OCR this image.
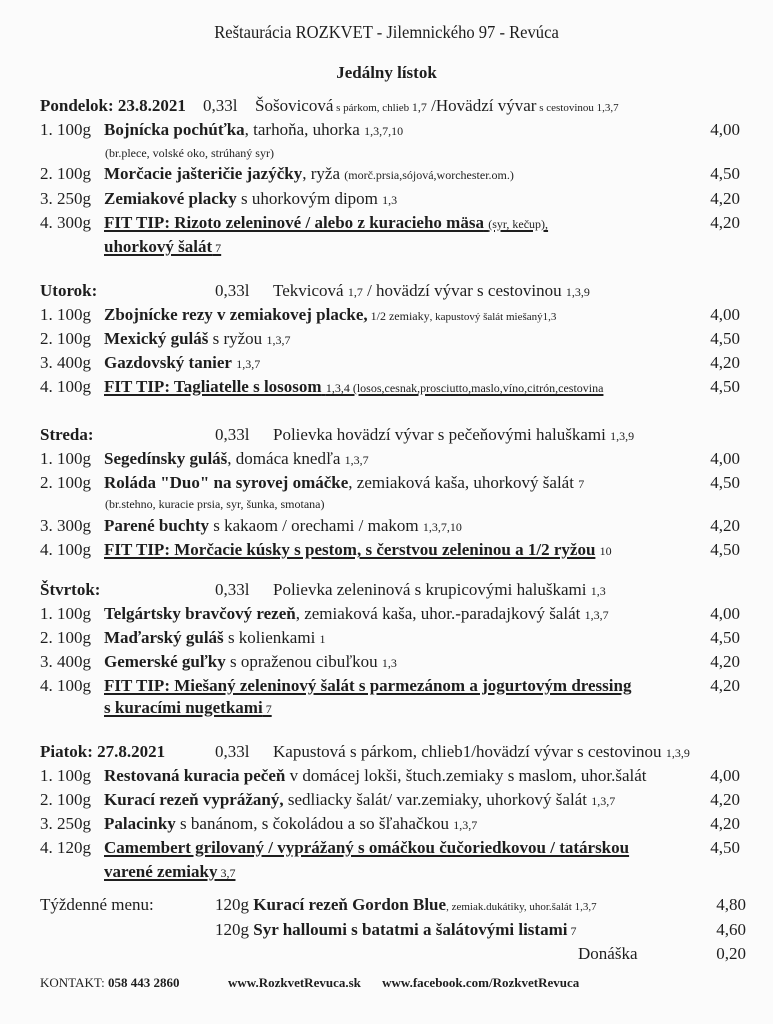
Reštaurácia ROZKVET - Jilemnického 97 - Revúca
Jedálny lístok
Pondelok: 23.8.2021 0,33l Šošovicová s párkom, chlieb 1,7 /Hovädzí vývar s cestovinou 1,3,7
1. 100g Bojnícka pochúťka, tarhoňa, uhorka 1,3,7,10	4,00
(br.plece, volské oko, strúhaný syr)
2. 100g Morčacie jašteričie jazýčky, ryža (morč.prsia,sójová,worchester.om.)	4,50
3. 250g Zemiakové placky s uhorkovým dipom 1,3	4,20
4. 300g FIT TIP: Rizoto zeleninové / alebo z kuracieho mäsa (syr, kečup),	4,20
uhorkový šalát 7
Utorok:	0,33l Tekvicová 1,7 / hovädzí vývar s cestovinou 1,3,9
1. 100g Zbojnícke rezy v zemiakovej placke, 1/2 zemiaky, kapustový šalát miešaný1,3	4,00
2. 100g Mexický guláš s ryžou 1,3,7	4,50
3. 400g Gazdovský tanier 1,3,7	4,20
4. 100g FIT TIP: Tagliatelle s lososom 1,3,4 (losos,cesnak,prosciutto,maslo,víno,citrón,cestovina	4,50
Streda:	0,33l Polievka hovädzí vývar s pečeňovými haluškami 1,3,9
1. 100g Segedínsky guláš, domáca knedľa 1,3,7	4,00
2. 100g Roláda "Duo" na syrovej omáčke, zemiaková kaša, uhorkový šalát 7	4,50
(br.stehno, kuracie prsia, syr, šunka, smotana)
3. 300g Parené buchty s kakaom / orechami / makom 1,3,7,10	4,20
4. 100g FIT TIP: Morčacie kúsky s pestom, s čerstvou zeleninou a 1/2 ryžou 10	4,50
Štvrtok:	0,33l Polievka zeleninová s krupicovými haluškami 1,3
1. 100g Telgártsky bravčový rezeň, zemiaková kaša, uhor.-paradajkový šalát 1,3,7	4,00
2. 100g Maďarský guláš s kolienkami 1	4,50
3. 400g Gemerské guľky s opraženou cibuľkou 1,3	4,20
4. 100g FIT TIP: Miešaný zeleninový šalát s parmezánom a jogurtovým dressing	4,20
s kuracími nugetkami 7
Piatok: 27.8.2021	0,33l Kapustová s párkom, chlieb1/hovädzí vývar s cestovinou 1,3,9
1. 100g Restovaná kuracia pečeň v domácej lokši, štuch.zemiaky s maslom, uhor.šalát	4,00
2. 100g Kurací rezeň vyprážaný, sedliacky šalát/ var.zemiaky, uhorkový šalát 1,3,7	4,20
3. 250g Palacinky s banánom, s čokoládou a so šľahačkou 1,3,7	4,20
4. 120g Camembert grilovaný / vyprážaný s omáčkou čučoriedkovou / tatárskou	4,50
varené zemiaky 3,7
Týždenné menu:	120g Kurací rezeň Gordon Blue, zemiak.dukátiky, uhor.šalát 1,3,7	4,80
120g Syr halloumi s batatmi a šalátovými listami 7	4,60
Donáška	0,20
KONTAKT: 058 443 2860	www.RozkvetRevuca.sk www.facebook.com/RozkvetRevuca
